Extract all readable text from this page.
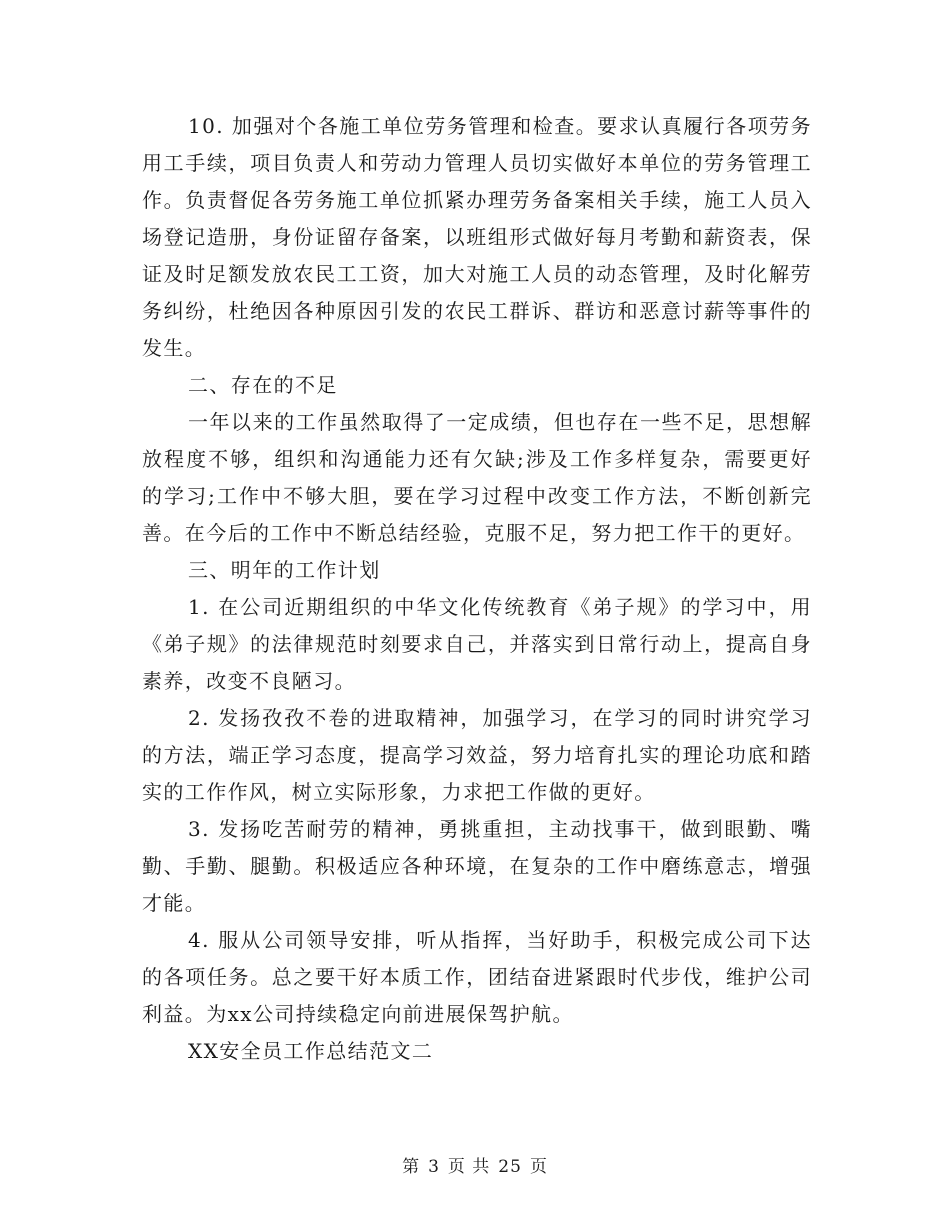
10. 加强对个各施工单位劳务管理和检查。要求认真履行各项劳务用工手续，项目负责人和劳动力管理人员切实做好本单位的劳务管理工作。负责督促各劳务施工单位抓紧办理劳务备案相关手续，施工人员入场登记造册，身份证留存备案，以班组形式做好每月考勤和薪资表，保证及时足额发放农民工工资，加大对施工人员的动态管理，及时化解劳务纠纷，杜绝因各种原因引发的农民工群诉、群访和恶意讨薪等事件的发生。

二、存在的不足

一年以来的工作虽然取得了一定成绩，但也存在一些不足，思想解放程度不够，组织和沟通能力还有欠缺;涉及工作多样复杂，需要更好的学习;工作中不够大胆，要在学习过程中改变工作方法，不断创新完善。在今后的工作中不断总结经验，克服不足，努力把工作干的更好。

三、明年的工作计划

1. 在公司近期组织的中华文化传统教育《弟子规》的学习中，用《弟子规》的法律规范时刻要求自己，并落实到日常行动上，提高自身素养，改变不良陋习。

2. 发扬孜孜不卷的进取精神，加强学习，在学习的同时讲究学习的方法，端正学习态度，提高学习效益，努力培育扎实的理论功底和踏实的工作作风，树立实际形象，力求把工作做的更好。

3. 发扬吃苦耐劳的精神，勇挑重担，主动找事干，做到眼勤、嘴勤、手勤、腿勤。积极适应各种环境，在复杂的工作中磨练意志，增强才能。

4. 服从公司领导安排，听从指挥，当好助手，积极完成公司下达的各项任务。总之要干好本质工作，团结奋进紧跟时代步伐，维护公司利益。为xx公司持续稳定向前进展保驾护航。

XX安全员工作总结范文二

第 3 页 共 25 页
